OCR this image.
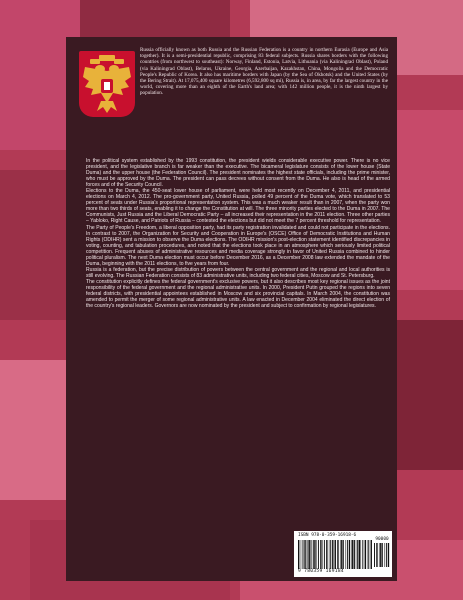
Russia officially known as both Russia and the Russian Federation is a country in northern Eurasia (Europe and Asia together). It is a semi-presidential republic, comprising 83 federal subjects. Russia shares borders with the following countries (from northwest to southeast): Norway, Finland, Estonia, Latvia, Lithuania (via Kaliningrad Oblast), Poland (via Kaliningrad Oblast), Belarus, Ukraine, Georgia, Azerbaijan, Kazakhstan, China, Mongolia and the Democratic People's Republic of Korea. It also has maritime borders with Japan (by the Sea of Okhotsk) and the United States (by the Bering Strait). At 17,075,400 square kilometres (6,592,800 sq mi), Russia is, in area, by far the largest country in the world, covering more than an eighth of the Earth's land area; with 142 million people, it is the ninth largest by population.

In the political system established by the 1993 constitution, the president wields considerable executive power. There is no vice president, and the legislative branch is far weaker than the executive. The bicameral legislature consists of the lower house (State Duma) and the upper house (the Federation Council). The president nominates the highest state officials, including the prime minister, who must be approved by the Duma. The president can pass decrees without consent from the Duma. He also is head of the armed forces and of the Security Council.

Elections to the Duma, the 450-seat lower house of parliament, were held most recently on December 4, 2011, and presidential elections on March 4, 2012. The pro-government party, United Russia, polled 49 percent of the Duma vote, which translated to 53 percent of seats under Russia's proportional representation system. This was a much weaker result than in 2007, when the party won more than two thirds of seats, enabling it to change the Constitution at will. The three minority parties elected to the Duma in 2007. The Communists, Just Russia and the Liberal Democratic Party – all increased their representation in the 2011 election. Three other parties – Yabloko, Right Cause, and Patriots of Russia – contested the elections but did not meet the 7 percent threshold for representation.

The Party of People's Freedom, a liberal opposition party, had its party registration invalidated and could not participate in the elections. In contrast to 2007, the Organization for Security and Cooperation in Europe's (OSCE) Office of Democratic Institutions and Human Rights (ODIHR) sent a mission to observe the Duma elections. The ODIHR mission's post-election statement identified discrepancies in voting, counting, and tabulation procedures, and noted that the elections took place in an atmosphere which seriously limited political competition. Frequent abuses of administrative resources and media coverage strongly in favor of United Russia combined to hinder political pluralism. The next Duma election must occur before December 2016, as a December 2008 law extended the mandate of the Duma, beginning with the 2011 elections, to five years from four.

Russia is a federation, but the precise distribution of powers between the central government and the regional and local authorities is still evolving. The Russian Federation consists of 83 administrative units, including two federal cities, Moscow and St. Petersburg.

The constitution explicitly defines the federal government's exclusive powers, but it also describes most key regional issues as the joint responsibility of the federal government and the regional administrative units. In 2000, President Putin grouped the regions into seven federal districts, with presidential appointees established in Moscow and six provincial capitals. In March 2004, the constitution was amended to permit the merger of some regional administrative units. A law enacted in December 2004 eliminated the direct election of the country's regional leaders. Governors are now nominated by the president and subject to confirmation by regional legislatures.

ISBN 978-0-359-16918-6
90000
9 780359 169184
